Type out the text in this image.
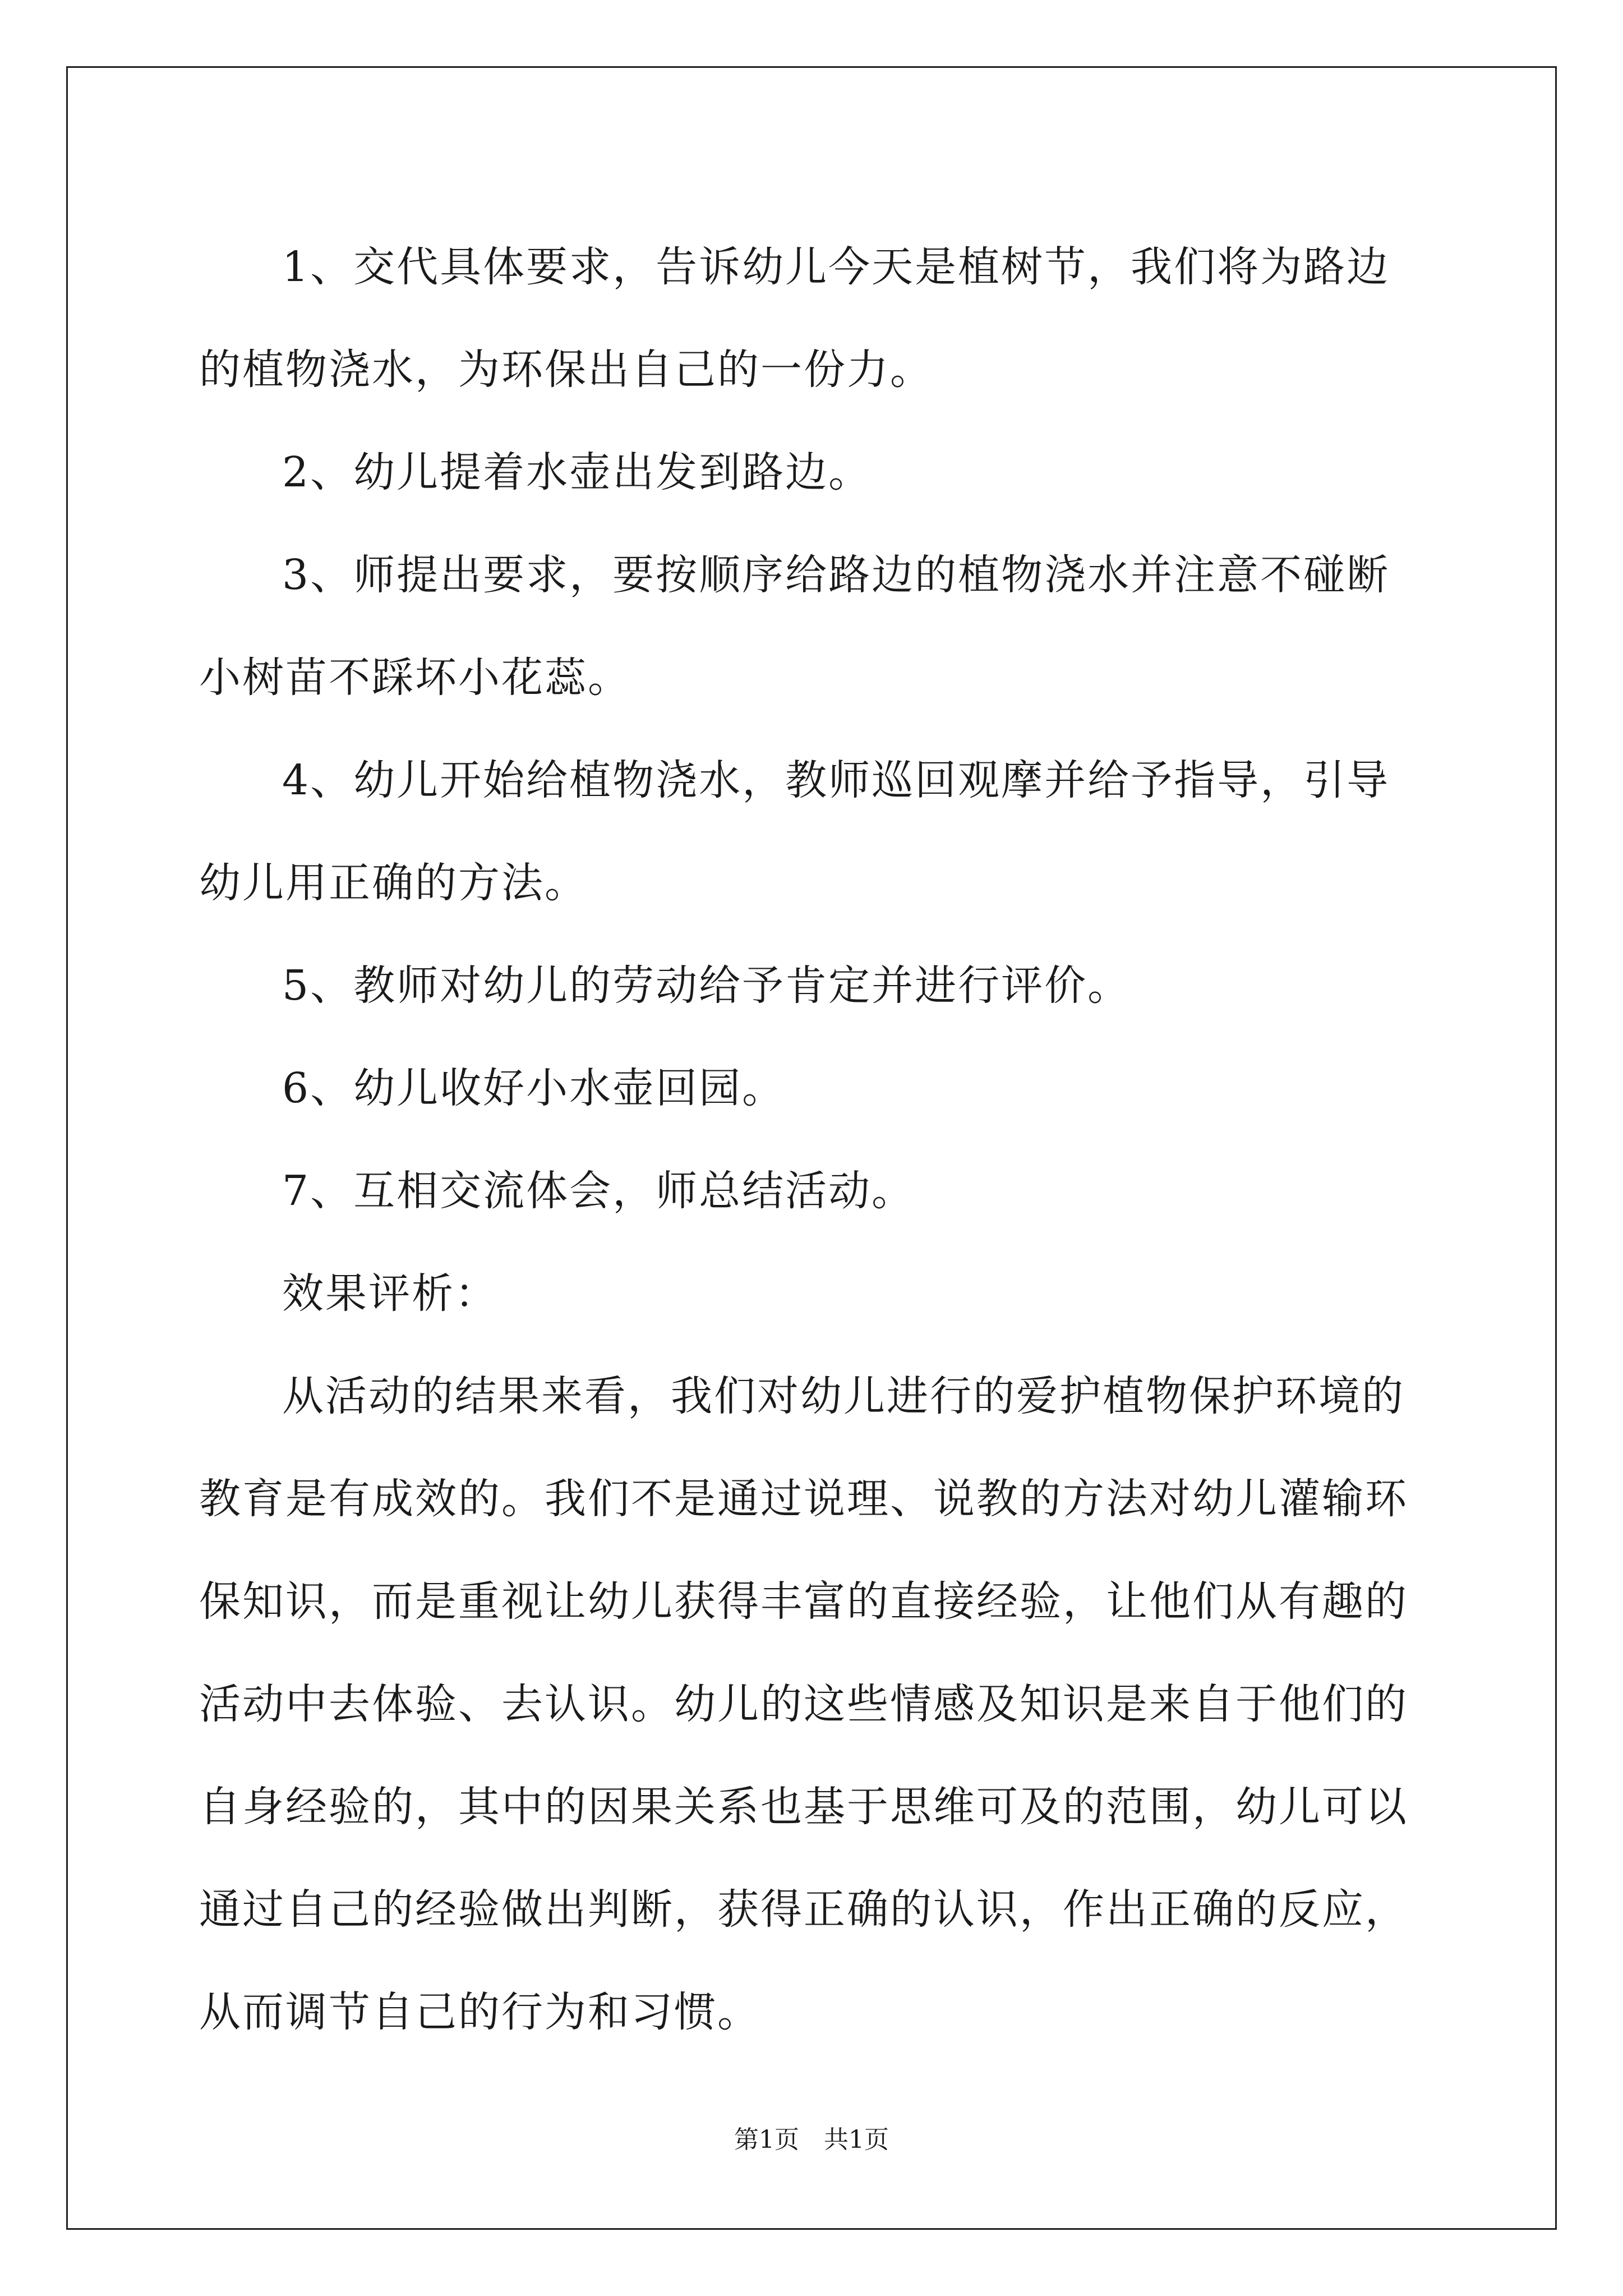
1、交代具体要求，告诉幼儿今天是植树节，我们将为路边的植物浇水，为环保出自己的一份力。

2、幼儿提着水壶出发到路边。

3、师提出要求，要按顺序给路边的植物浇水并注意不碰断小树苗不踩坏小花蕊。

4、幼儿开始给植物浇水，教师巡回观摩并给予指导，引导幼儿用正确的方法。

5、教师对幼儿的劳动给予肯定并进行评价。

6、幼儿收好小水壶回园。

7、互相交流体会，师总结活动。

效果评析：

从活动的结果来看，我们对幼儿进行的爱护植物保护环境的教育是有成效的。我们不是通过说理、说教的方法对幼儿灌输环保知识，而是重视让幼儿获得丰富的直接经验，让他们从有趣的活动中去体验、去认识。幼儿的这些情感及知识是来自于他们的自身经验的，其中的因果关系也基于思维可及的范围，幼儿可以通过自己的经验做出判断，获得正确的认识，作出正确的反应，从而调节自己的行为和习惯。

第1页　共1页
